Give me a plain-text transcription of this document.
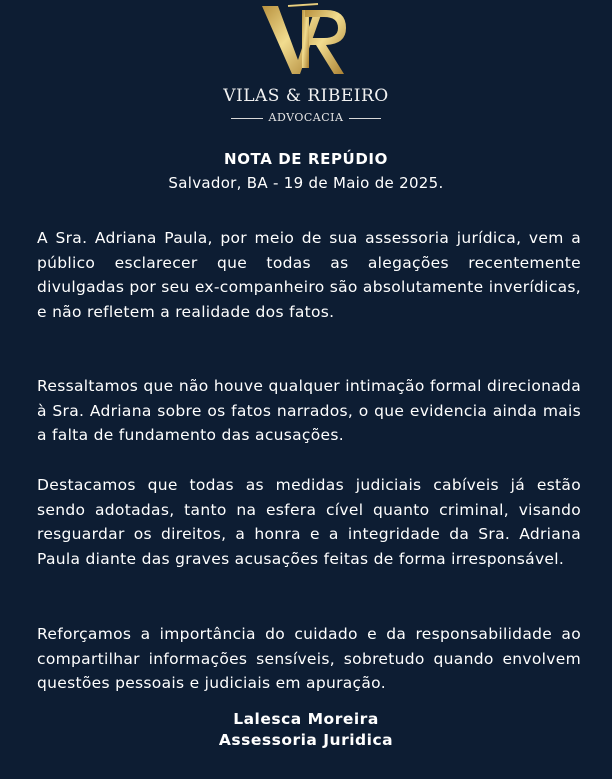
VILAS & RIBEIRO
ADVOCACIA
NOTA DE REPÚDIO
Salvador, BA - 19 de Maio de 2025.

A Sra. Adriana Paula, por meio de sua assessoria jurídica, vem a público esclarecer que todas as alegações recentemente divulgadas por seu ex-companheiro são absolutamente inverídicas, e não refletem a realidade dos fatos.

Ressaltamos que não houve qualquer intimação formal direcionada à Sra. Adriana sobre os fatos narrados, o que evidencia ainda mais a falta de fundamento das acusações.

Destacamos que todas as medidas judiciais cabíveis já estão sendo adotadas, tanto na esfera cível quanto criminal, visando resguardar os direitos, a honra e a integridade da Sra. Adriana Paula diante das graves acusações feitas de forma irresponsável.

Reforçamos a importância do cuidado e da responsabilidade ao compartilhar informações sensíveis, sobretudo quando envolvem questões pessoais e judiciais em apuração.

Lalesca Moreira
Assessoria Juridica
